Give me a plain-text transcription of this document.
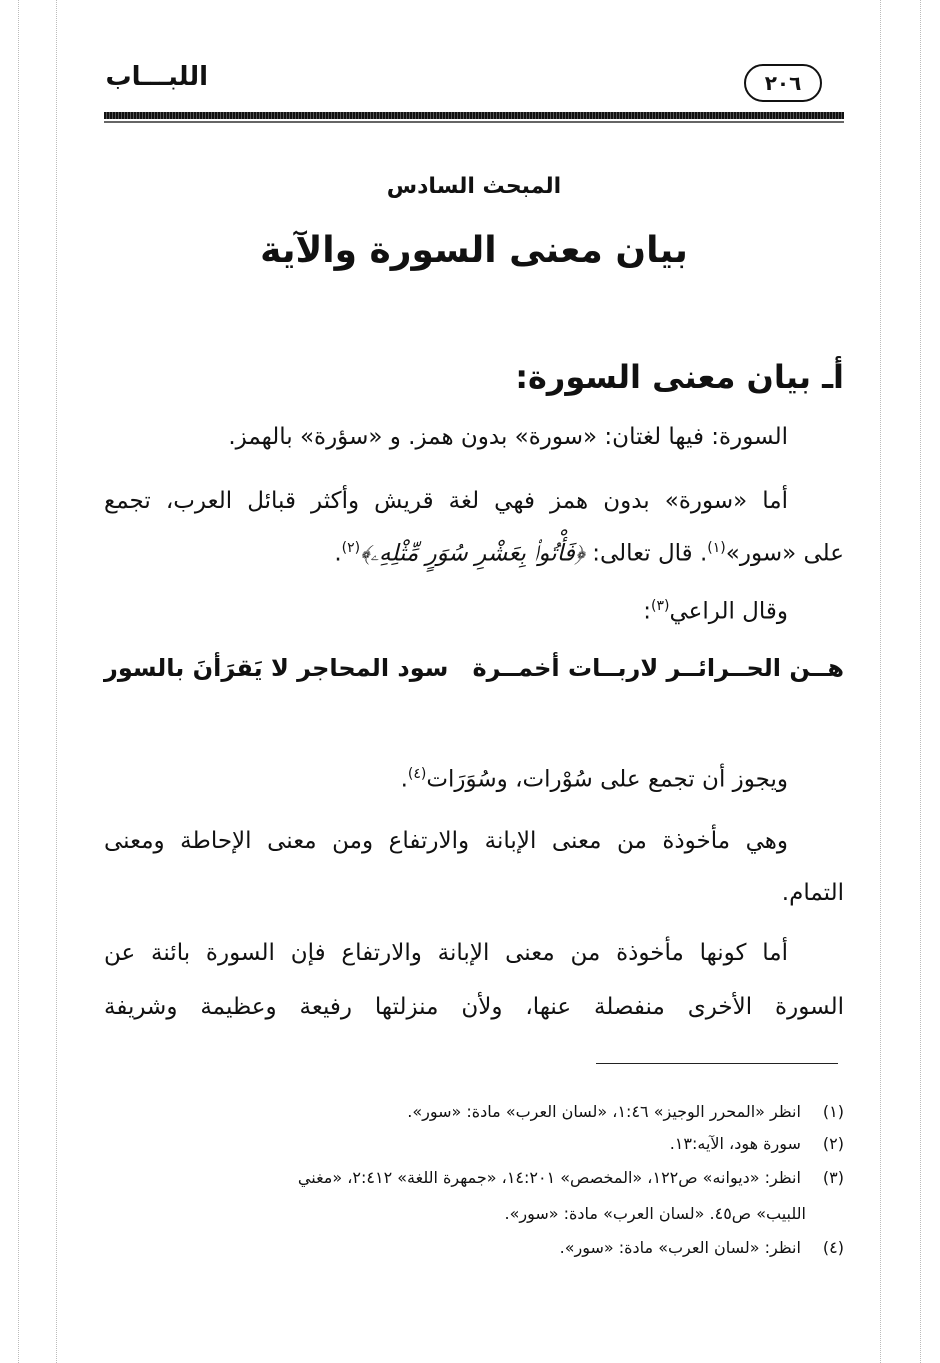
اللبـــاب	٢٠٦
المبحث السادس
بيان معنى السورة والآية
أـ بيان معنى السورة:
السورة: فيها لغتان: «سورة» بدون همز. و «سؤرة» بالهمز.
أما «سورة» بدون همز فهي لغة قريش وأكثر قبائل العرب، تجمع
على «سور»$^{(١)}$. قال تعالى: ﴿فَأْتُوا۟ بِعَشْرِ سُوَرٍ مِّثْلِهِۦ﴾$^{(٢)}$.
وقال الراعي$^{(٣)}$:
هــن الحــرائــر لاربــات أخمــرة
سود المحاجر لا يَقرَأنَ بالسور
ويجوز أن تجمع على سُوْرات، وسُوَرَات$^{(٤)}$.
وهي مأخوذة من معنى الإبانة والارتفاع ومن معنى الإحاطة ومعنى
التمام.
أما كونها مأخوذة من معنى الإبانة والارتفاع فإن السورة بائنة عن
السورة الأخرى منفصلة عنها، ولأن منزلتها رفيعة وعظيمة وشريفة
(١) انظر «المحرر الوجيز» ١:٤٦، «لسان العرب» مادة: «سور».
(٢) سورة هود، الآيه:١٣.
(٣) انظر: «ديوانه» ص١٢٢، «المخصص» ١٤:٢٠١، «جمهرة اللغة» ٢:٤١٢، «مغني
اللبيب» ص٤٥. «لسان العرب» مادة: «سور».
(٤) انظر: «لسان العرب» مادة: «سور».
